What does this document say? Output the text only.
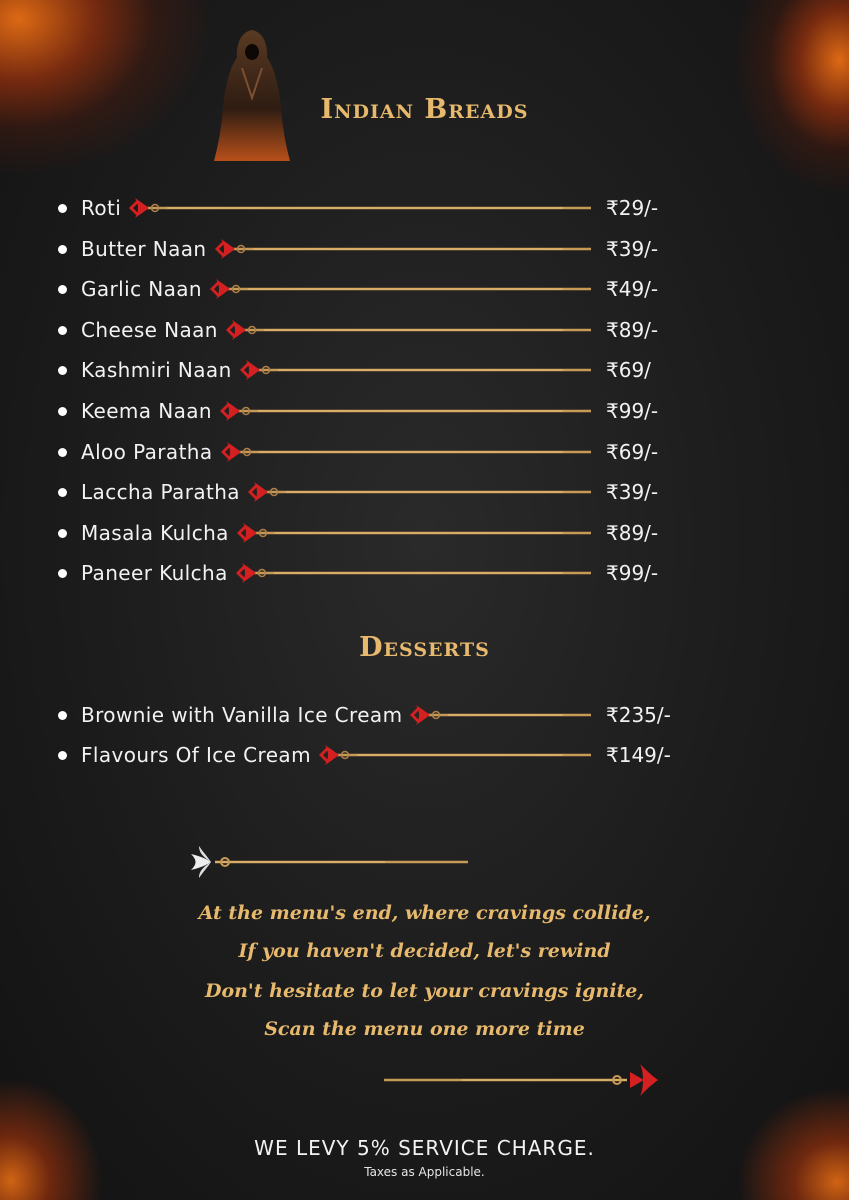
Indian Breads
Roti	₹29/-
Butter Naan	₹39/-
Garlic Naan	₹49/-
Cheese Naan	₹89/-
Kashmiri Naan	₹69/
Keema Naan	₹99/-
Aloo Paratha	₹69/-
Laccha Paratha	₹39/-
Masala Kulcha	₹89/-
Paneer Kulcha	₹99/-
Desserts
Brownie with Vanilla Ice Cream	₹235/-
Flavours Of Ice Cream	₹149/-
At the menu's end, where cravings collide,
If you haven't decided, let's rewind
Don't hesitate to let your cravings ignite,
Scan the menu one more time
WE LEVY 5% SERVICE CHARGE.
Taxes as Applicable.
